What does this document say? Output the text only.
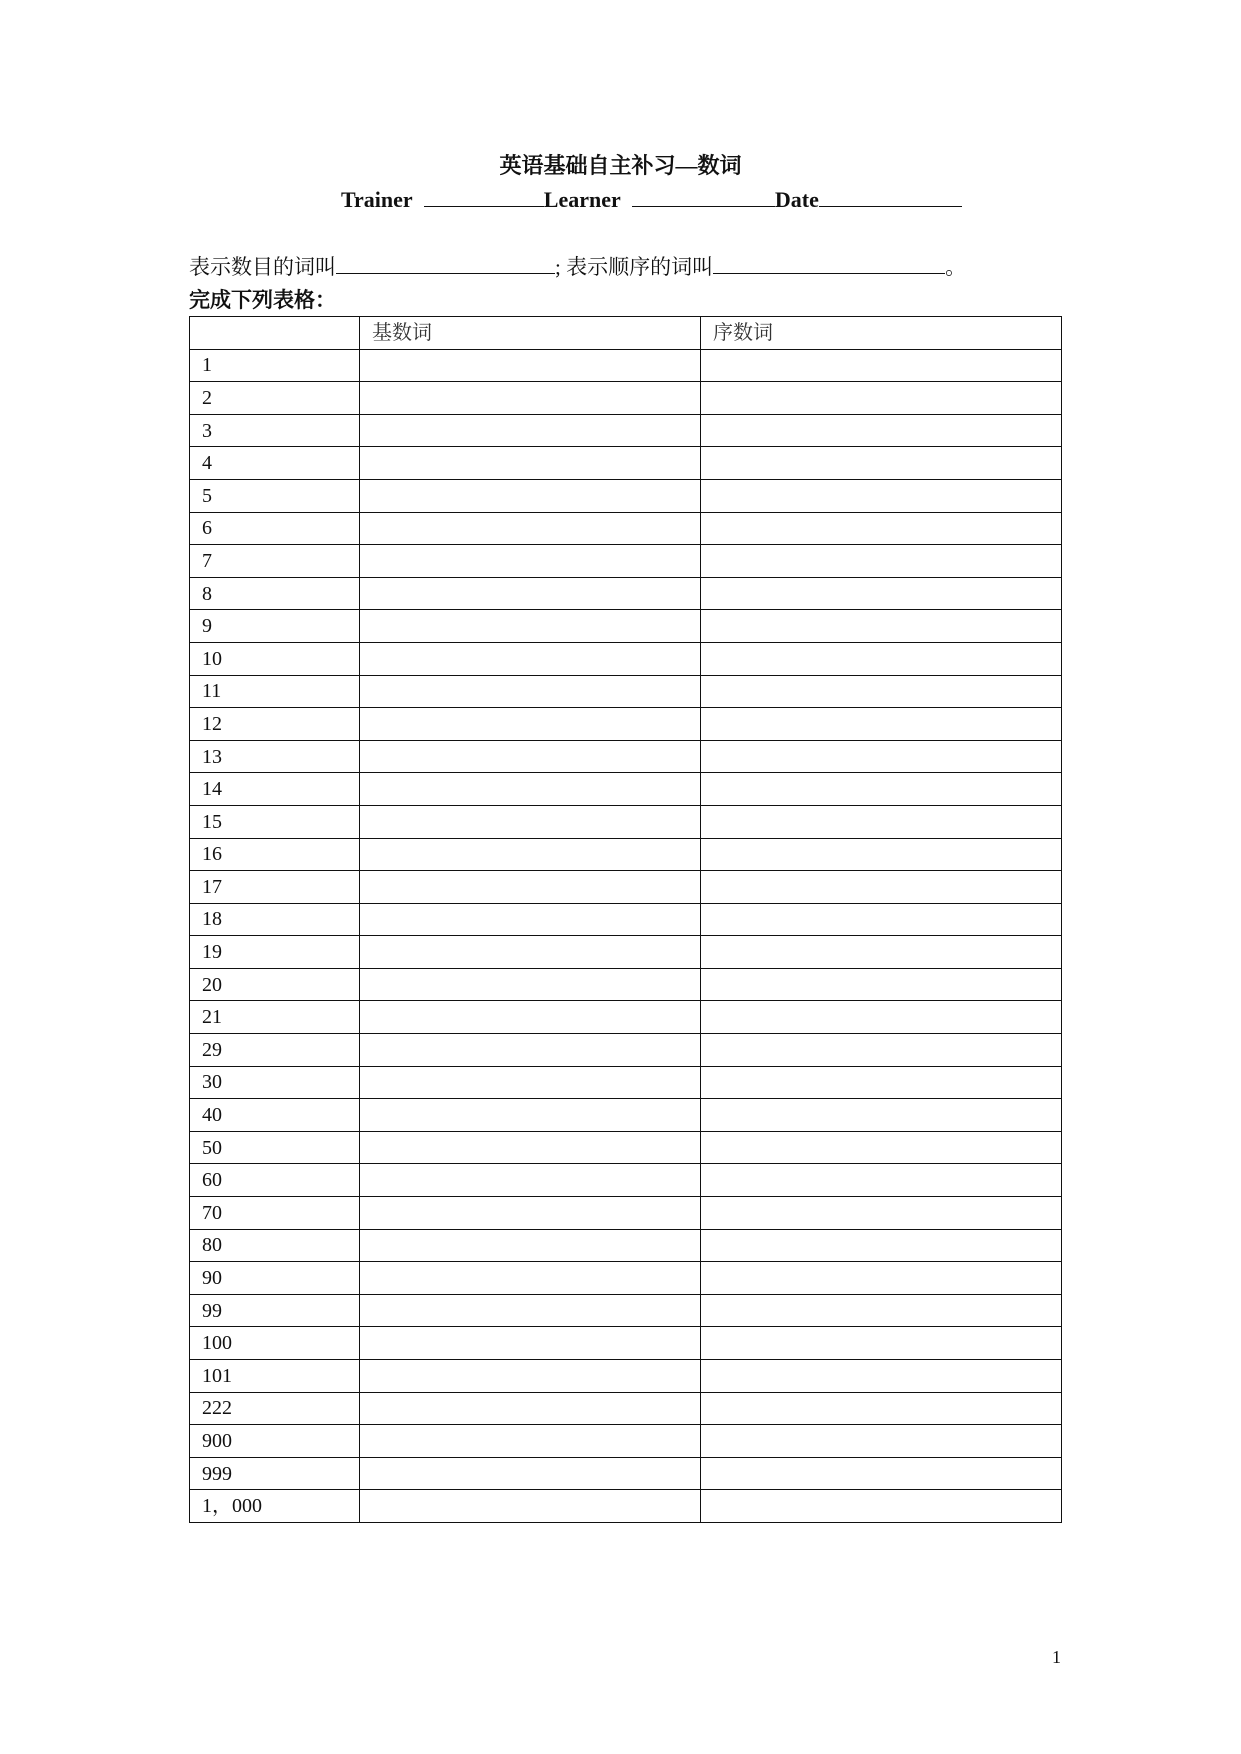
英语基础自主补习—数词
Trainer	Learner	Date
表示数目的词叫	; 表示顺序的词叫	。
完成下列表格：
	基数词	序数词
1		
2		
3		
4		
5		
6		
7		
8		
9		
10		
11		
12		
13		
14		
15		
16		
17		
18		
19		
20		
21		
29		
30		
40		
50		
60		
70		
80		
90		
99		
100		
101		
222		
900		
999		
1，000		
1
